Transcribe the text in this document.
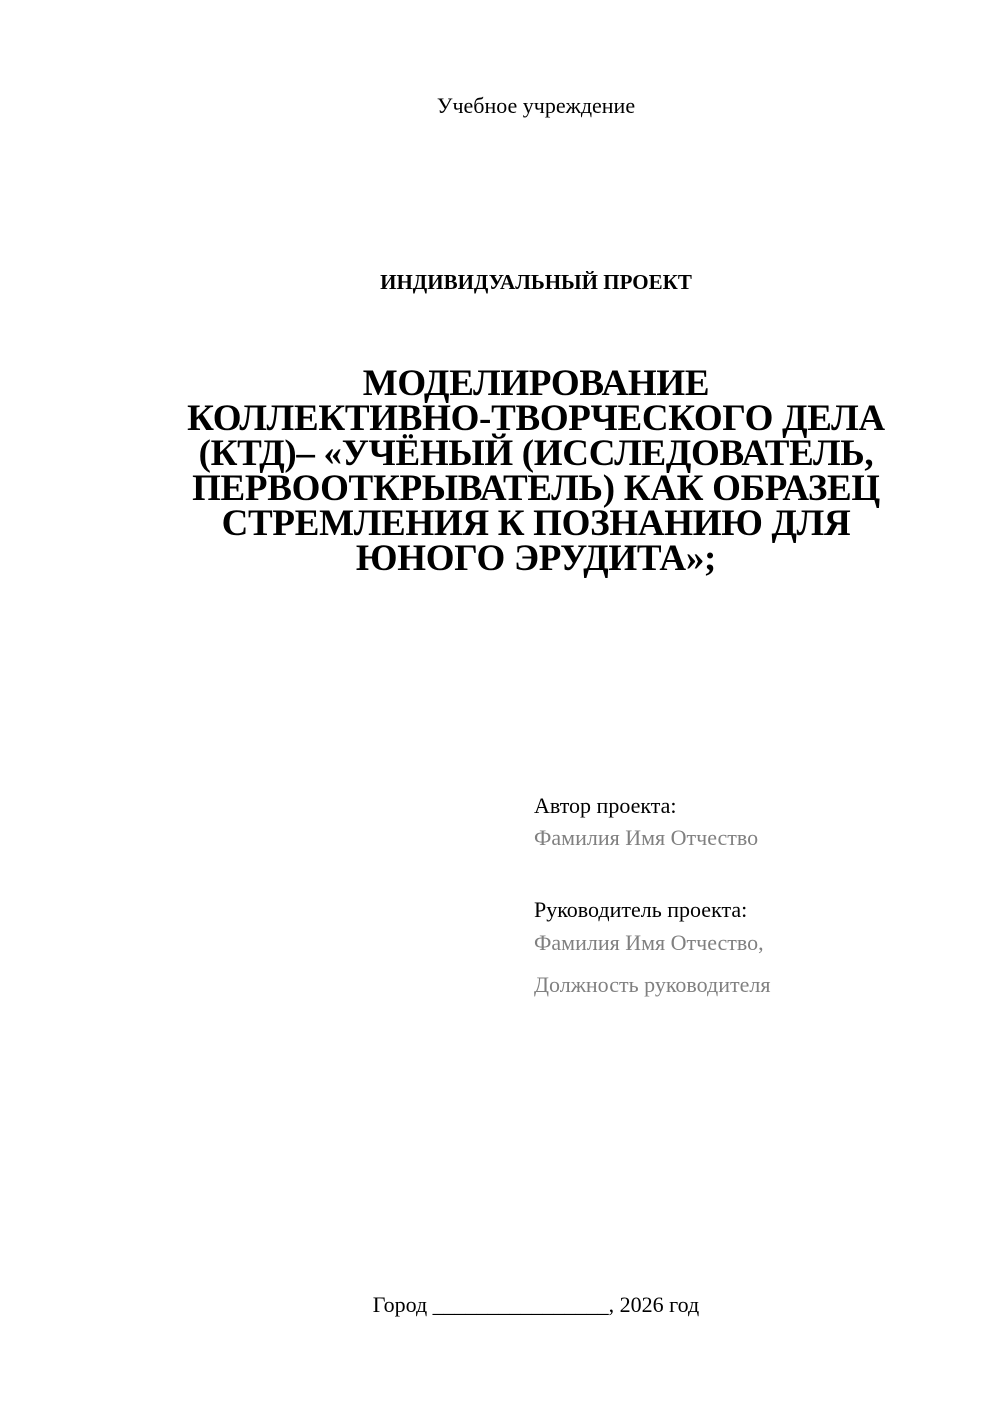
Учебное учреждение
ИНДИВИДУАЛЬНЫЙ ПРОЕКТ
МОДЕЛИРОВАНИЕ
КОЛЛЕКТИВНО-ТВОРЧЕСКОГО ДЕЛА
(КТД)– «УЧЁНЫЙ (ИССЛЕДОВАТЕЛЬ,
ПЕРВООТКРЫВАТЕЛЬ) КАК ОБРАЗЕЦ
СТРЕМЛЕНИЯ К ПОЗНАНИЮ ДЛЯ
ЮНОГО ЭРУДИТА»;
Автор проекта:
Фамилия Имя Отчество
Руководитель проекта:
Фамилия Имя Отчество,
Должность руководителя
Город ________________, 2026 год
